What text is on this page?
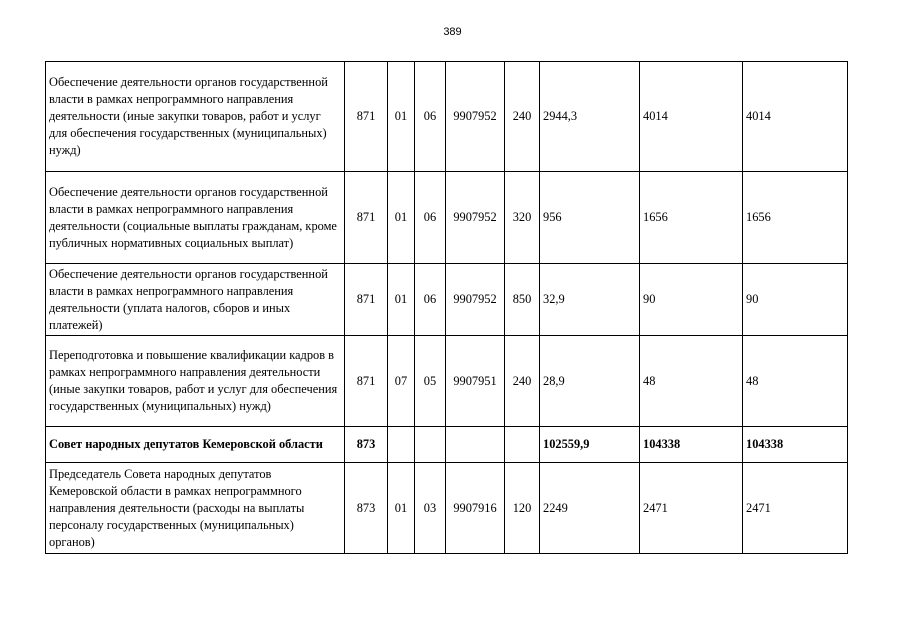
389
Обеспечение деятельности органов государственной власти в рамках непрограммного направления деятельности (иные закупки товаров, работ и услуг для обеспечения государственных (муниципальных) нужд)	871	01	06	9907952	240	2944,3	4014	4014
Обеспечение деятельности органов государственной власти в рамках непрограммного направления деятельности (социальные выплаты гражданам, кроме публичных нормативных социальных выплат)	871	01	06	9907952	320	956	1656	1656
Обеспечение деятельности органов государственной власти в рамках непрограммного направления деятельности (уплата налогов, сборов и иных платежей)	871	01	06	9907952	850	32,9	90	90
Переподготовка и повышение квалификации кадров в рамках непрограммного направления деятельности (иные закупки товаров, работ и услуг для обеспечения государственных (муниципальных) нужд)	871	07	05	9907951	240	28,9	48	48
Совет народных депутатов Кемеровской области	873					102559,9	104338	104338
Председатель Совета народных депутатов Кемеровской области в рамках непрограммного направления деятельности (расходы на выплаты персоналу государственных (муниципальных) органов)	873	01	03	9907916	120	2249	2471	2471
